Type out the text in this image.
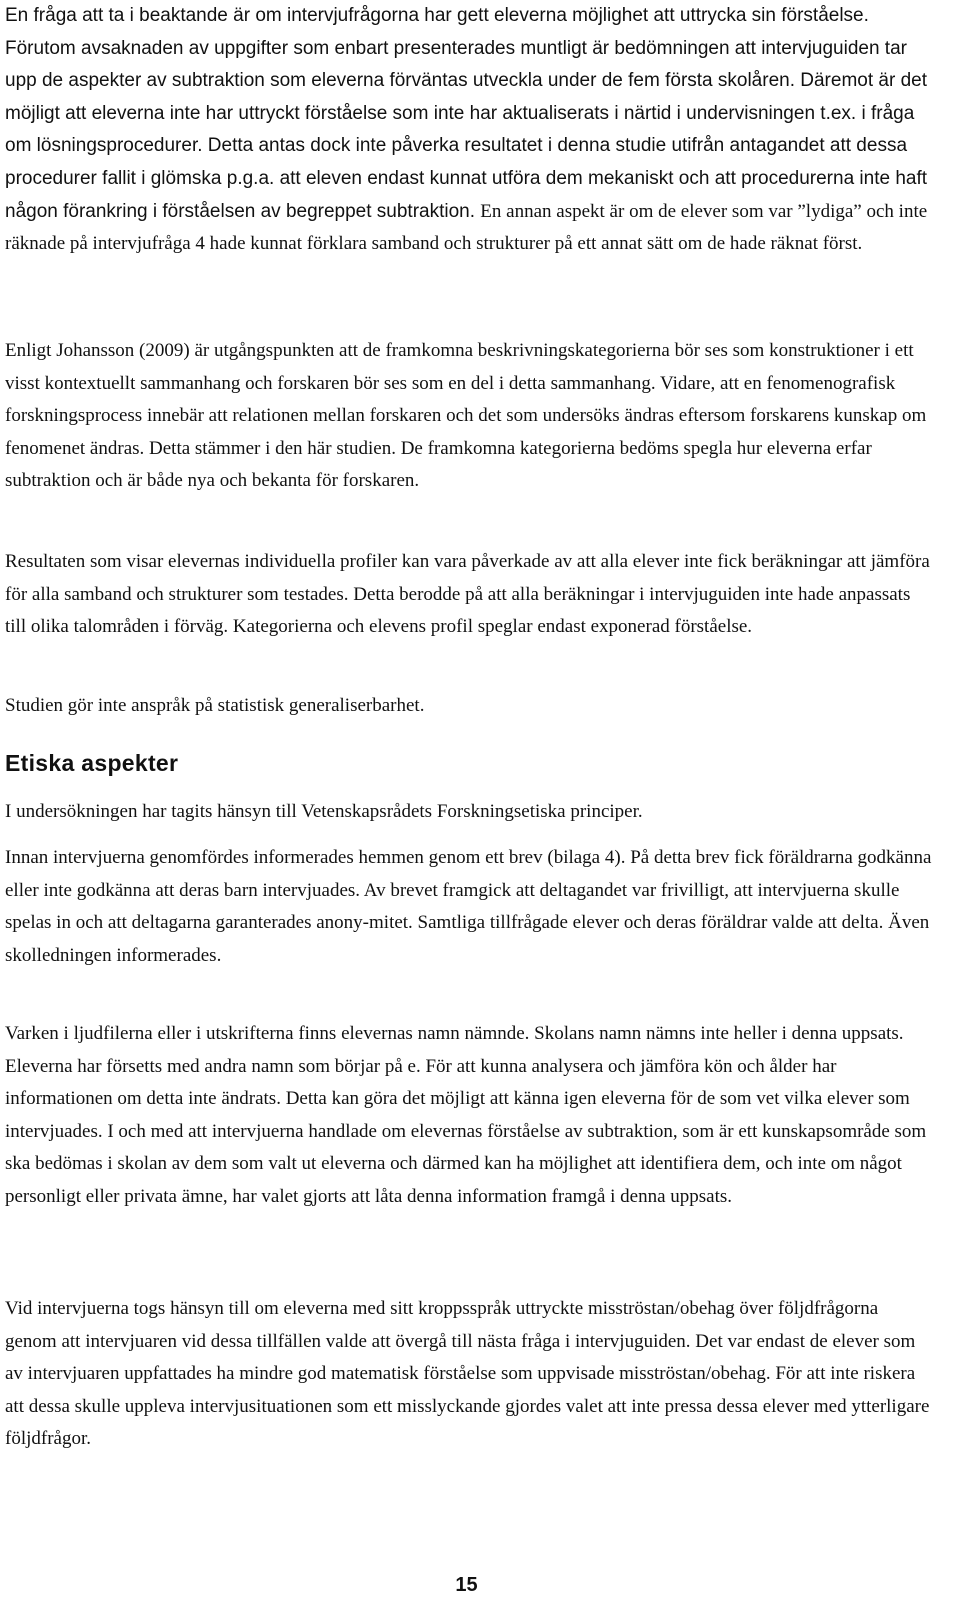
En fråga att ta i beaktande är om intervjufrågorna har gett eleverna möjlighet att uttrycka sin förståelse. Förutom avsaknaden av uppgifter som enbart presenterades muntligt är bedömningen att intervjuguiden tar upp de aspekter av subtraktion som eleverna förväntas utveckla under de fem första skolåren. Däremot är det möjligt att eleverna inte har uttryckt förståelse som inte har aktualiserats i närtid i undervisningen t.ex. i fråga om lösningsprocedurer. Detta antas dock inte påverka resultatet i denna studie utifrån antagandet att dessa procedurer fallit i glömska p.g.a. att eleven endast kunnat utföra dem mekaniskt och att procedurerna inte haft någon förankring i förståelsen av begreppet subtraktion. En annan aspekt är om de elever som var ”lydiga” och inte räknade på intervjufråga 4 hade kunnat förklara samband och strukturer på ett annat sätt om de hade räknat först.

Enligt Johansson (2009) är utgångspunkten att de framkomna beskrivningskategorierna bör ses som konstruktioner i ett visst kontextuellt sammanhang och forskaren bör ses som en del i detta sammanhang. Vidare, att en fenomenografisk forskningsprocess innebär att relationen mellan forskaren och det som undersöks ändras eftersom forskarens kunskap om fenomenet ändras. Detta stämmer i den här studien. De framkomna kategorierna bedöms spegla hur eleverna erfar subtraktion och är både nya och bekanta för forskaren.

Resultaten som visar elevernas individuella profiler kan vara påverkade av att alla elever inte fick beräkningar att jämföra för alla samband och strukturer som testades. Detta berodde på att alla beräkningar i intervjuguiden inte hade anpassats till olika talområden i förväg. Kategorierna och elevens profil speglar endast exponerad förståelse.

Studien gör inte anspråk på statistisk generaliserbarhet.

Etiska aspekter

I undersökningen har tagits hänsyn till Vetenskapsrådets Forskningsetiska principer.

Innan intervjuerna genomfördes informerades hemmen genom ett brev (bilaga 4). På detta brev fick föräldrarna godkänna eller inte godkänna att deras barn intervjuades. Av brevet framgick att deltagandet var frivilligt, att intervjuerna skulle spelas in och att deltagarna garanterades anony-mitet. Samtliga tillfrågade elever och deras föräldrar valde att delta. Även skolledningen informerades.

Varken i ljudfilerna eller i utskrifterna finns elevernas namn nämnde. Skolans namn nämns inte heller i denna uppsats. Eleverna har försetts med andra namn som börjar på e. För att kunna analysera och jämföra kön och ålder har informationen om detta inte ändrats. Detta kan göra det möjligt att känna igen eleverna för de som vet vilka elever som intervjuades. I och med att intervjuerna handlade om elevernas förståelse av subtraktion, som är ett kunskapsområde som ska bedömas i skolan av dem som valt ut eleverna och därmed kan ha möjlighet att identifiera dem, och inte om något personligt eller privata ämne, har valet gjorts att låta denna information framgå i denna uppsats.

Vid intervjuerna togs hänsyn till om eleverna med sitt kroppsspråk uttryckte misströstan/obehag över följdfrågorna genom att intervjuaren vid dessa tillfällen valde att övergå till nästa fråga i intervjuguiden. Det var endast de elever som av intervjuaren uppfattades ha mindre god matematisk förståelse som uppvisade misströstan/obehag. För att inte riskera att dessa skulle uppleva intervjusituationen som ett misslyckande gjordes valet att inte pressa dessa elever med ytterligare följdfrågor.

15
